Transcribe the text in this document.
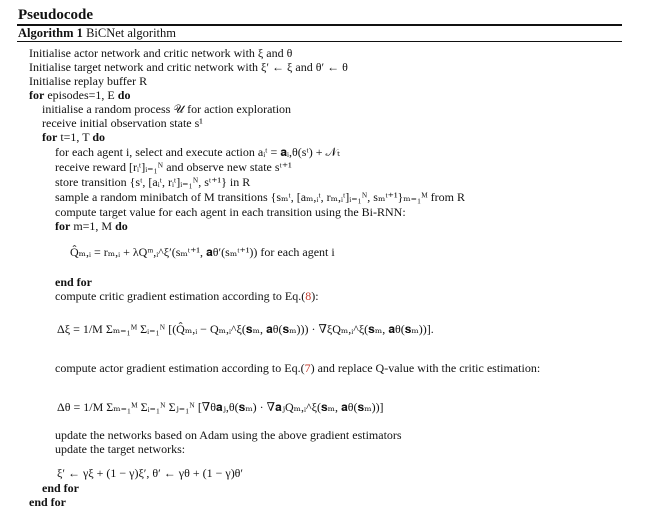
Pseudocode
Algorithm 1 BiCNet algorithm
Initialise actor network and critic network with ξ and θ
Initialise target network and critic network with ξ′ ← ξ and θ′ ← θ
Initialise replay buffer R
for episodes=1, E do
initialise a random process 𝒰 for action exploration
receive initial observation state s¹
for t=1, T do
for each agent i, select and execute action aᵢᵗ = 𝐚ᵢ,θ(sᵗ) + 𝒩ₜ
receive reward [rᵢᵗ]ᵢ₌₁ᴺ and observe new state sᵗ⁺¹
store transition {sᵗ, [aᵢᵗ, rᵢᵗ]ᵢ₌₁ᴺ, sᵗ⁺¹} in R
sample a random minibatch of M transitions {sₘᵗ, [aₘ,ᵢᵗ, rₘ,ᵢᵗ]ᵢ₌₁ᴺ, sₘᵗ⁺¹}ₘ₌₁ᴹ from R
compute target value for each agent in each transition using the Bi-RNN:
for m=1, M do
Q̂ₘ,ᵢ = rₘ,ᵢ + λQᵐ,ᵢ^ξ′(sₘᵗ⁺¹, 𝐚θ′(sₘᵗ⁺¹)) for each agent i
end for
compute critic gradient estimation according to Eq.(8):
Δξ = 1/M Σₘ₌₁ᴹ Σᵢ₌₁ᴺ [(Q̂ₘ,ᵢ − Qₘ,ᵢ^ξ(𝐬ₘ, 𝐚θ(𝐬ₘ))) · ∇ξQₘ,ᵢ^ξ(𝐬ₘ, 𝐚θ(𝐬ₘ))].
compute actor gradient estimation according to Eq.(7) and replace Q-value with the critic estimation:
Δθ = 1/M Σₘ₌₁ᴹ Σᵢ₌₁ᴺ Σⱼ₌₁ᴺ [∇θ𝐚ⱼ,θ(𝐬ₘ) · ∇𝐚ⱼQₘ,ᵢ^ξ(𝐬ₘ, 𝐚θ(𝐬ₘ))]
update the networks based on Adam using the above gradient estimators
update the target networks:
ξ′ ← γξ + (1 − γ)ξ′, θ′ ← γθ + (1 − γ)θ′
end for
end for
